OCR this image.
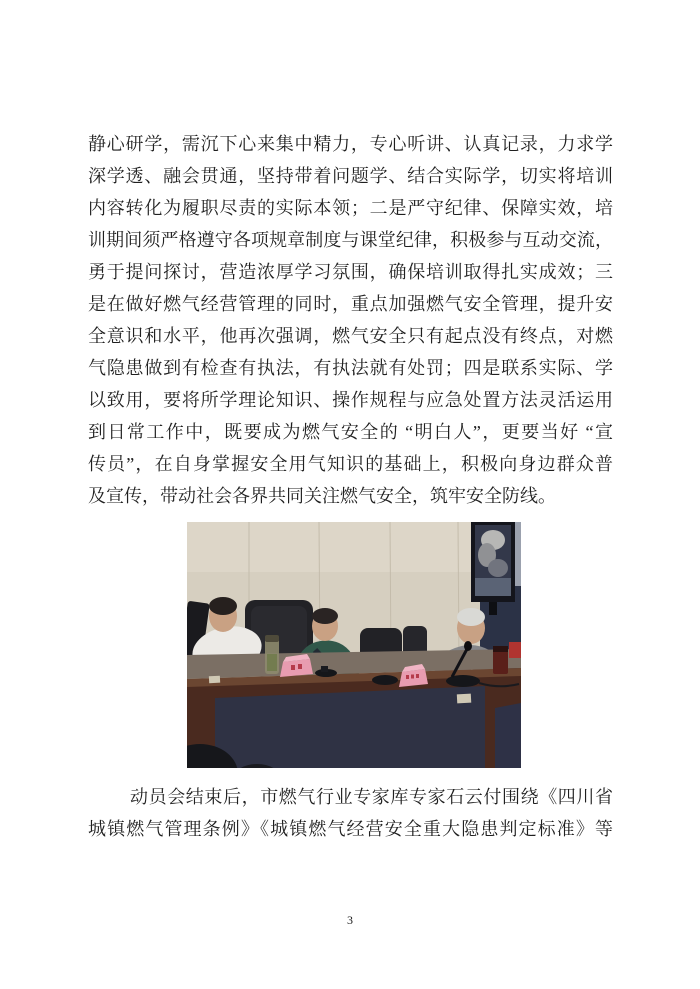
静心研学，需沉下心来集中精力，专心听讲、认真记录，力求学
深学透、融会贯通，坚持带着问题学、结合实际学，切实将培训
内容转化为履职尽责的实际本领；二是严守纪律、保障实效，培
训期间须严格遵守各项规章制度与课堂纪律，积极参与互动交流，
勇于提问探讨，营造浓厚学习氛围，确保培训取得扎实成效；三
是在做好燃气经营管理的同时，重点加强燃气安全管理，提升安
全意识和水平，他再次强调，燃气安全只有起点没有终点，对燃
气隐患做到有检查有执法，有执法就有处罚；四是联系实际、学
以致用，要将所学理论知识、操作规程与应急处置方法灵活运用
到日常工作中，既要成为燃气安全的 “明白人”，更要当好 “宣
传员”，在自身掌握安全用气知识的基础上，积极向身边群众普
及宣传，带动社会各界共同关注燃气安全，筑牢安全防线。
动员会结束后，市燃气行业专家库专家石云付围绕《四川省
城镇燃气管理条例》《城镇燃气经营安全重大隐患判定标准》等
3
